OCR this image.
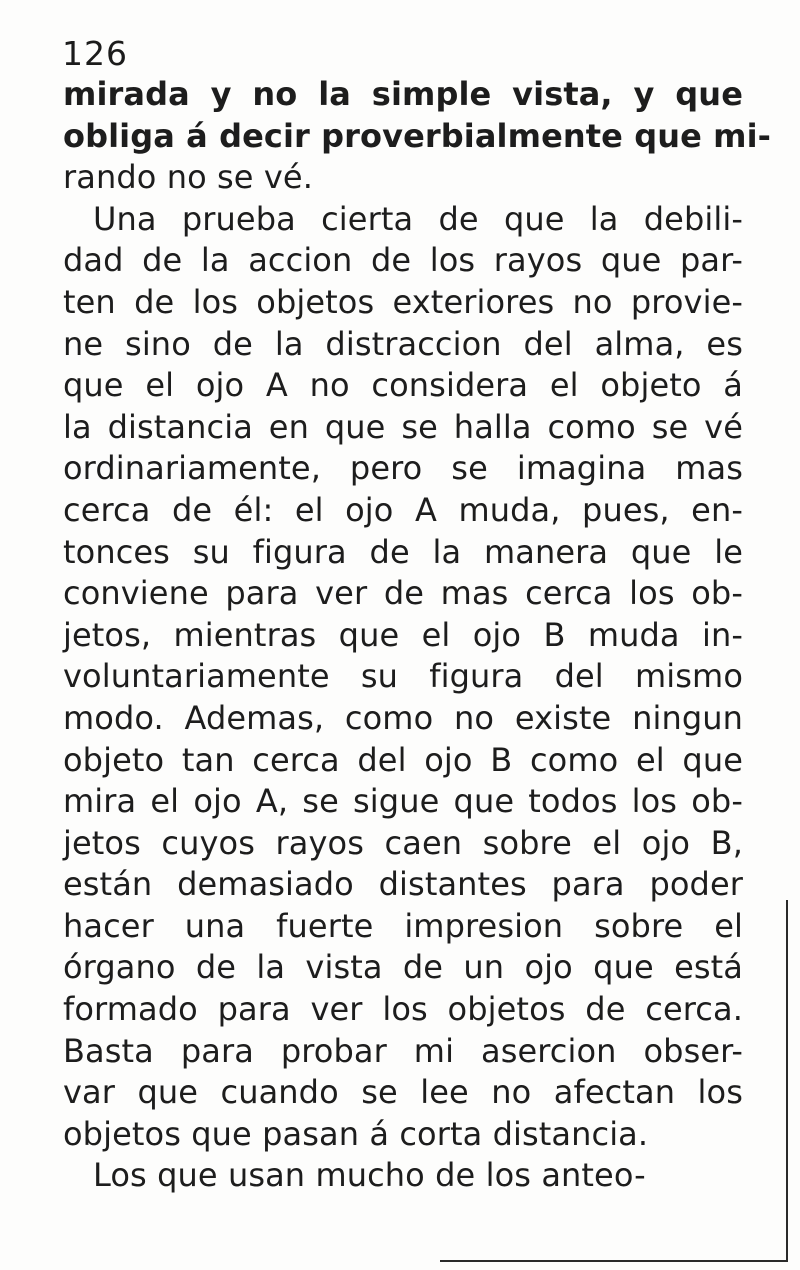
126
mirada y no la simple vista, y que
obliga á decir proverbialmente que mi-
rando no se vé.
Una prueba cierta de que la debili-
dad de la accion de los rayos que par-
ten de los objetos exteriores no provie-
ne sino de la distraccion del alma, es
que el ojo A no considera el objeto á
la distancia en que se halla como se vé
ordinariamente, pero se imagina mas
cerca de él: el ojo A muda, pues, en-
tonces su figura de la manera que le
conviene para ver de mas cerca los ob-
jetos, mientras que el ojo B muda in-
voluntariamente su figura del mismo
modo. Ademas, como no existe ningun
objeto tan cerca del ojo B como el que
mira el ojo A, se sigue que todos los ob-
jetos cuyos rayos caen sobre el ojo B,
están demasiado distantes para poder
hacer una fuerte impresion sobre el
órgano de la vista de un ojo que está
formado para ver los objetos de cerca.
Basta para probar mi asercion obser-
var que cuando se lee no afectan los
objetos que pasan á corta distancia.
Los que usan mucho de los anteo-
